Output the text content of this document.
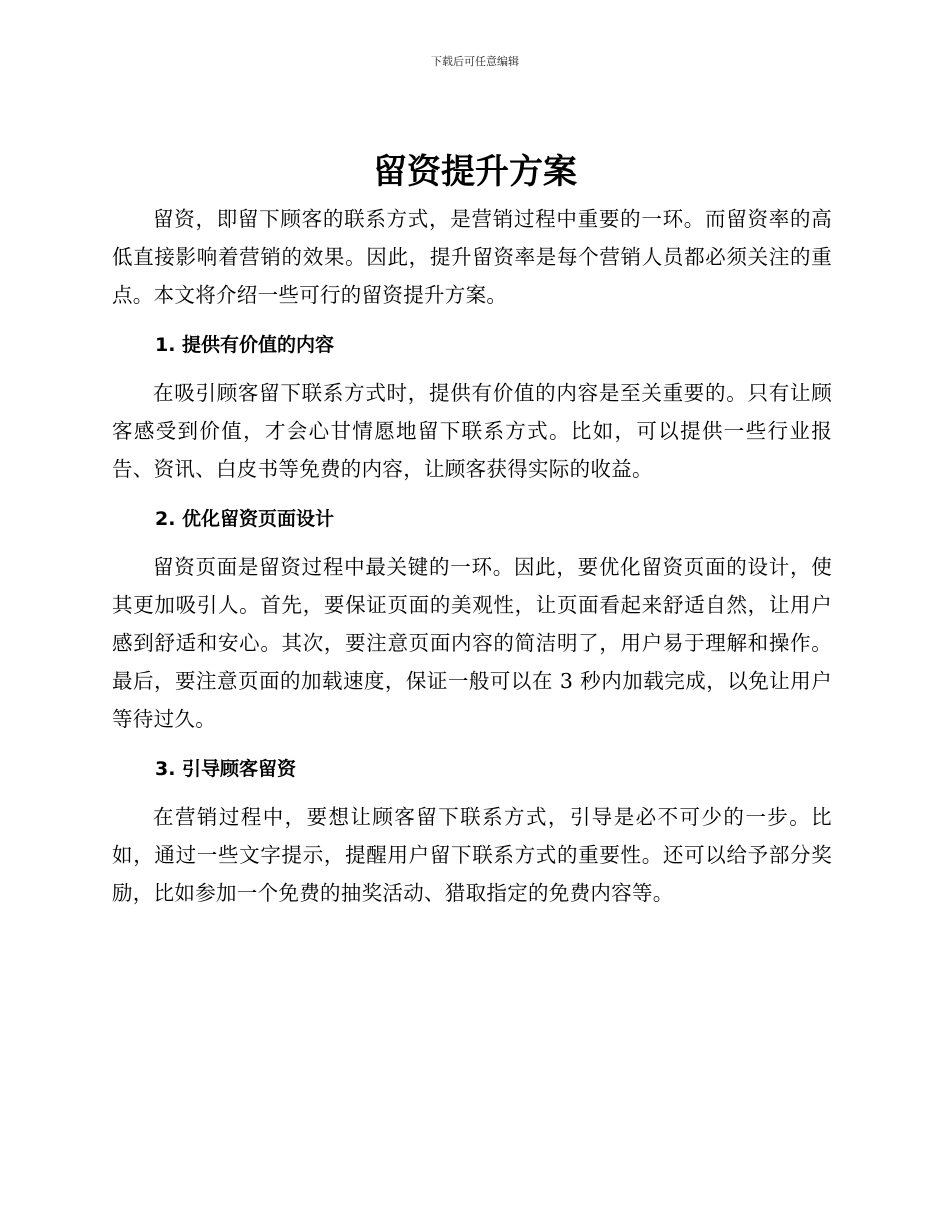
下载后可任意编辑
留资提升方案

留资，即留下顾客的联系方式，是营销过程中重要的一环。而留资率的高低直接影响着营销的效果。因此，提升留资率是每个营销人员都必须关注的重点。本文将介绍一些可行的留资提升方案。

1. 提供有价值的内容

在吸引顾客留下联系方式时，提供有价值的内容是至关重要的。只有让顾客感受到价值，才会心甘情愿地留下联系方式。比如，可以提供一些行业报告、资讯、白皮书等免费的内容，让顾客获得实际的收益。

2. 优化留资页面设计

留资页面是留资过程中最关键的一环。因此，要优化留资页面的设计，使其更加吸引人。首先，要保证页面的美观性，让页面看起来舒适自然，让用户感到舒适和安心。其次，要注意页面内容的简洁明了，用户易于理解和操作。最后，要注意页面的加载速度，保证一般可以在 3 秒内加载完成，以免让用户等待过久。

3. 引导顾客留资

在营销过程中，要想让顾客留下联系方式，引导是必不可少的一步。比如，通过一些文字提示，提醒用户留下联系方式的重要性。还可以给予部分奖励，比如参加一个免费的抽奖活动、猎取指定的免费内容等。
